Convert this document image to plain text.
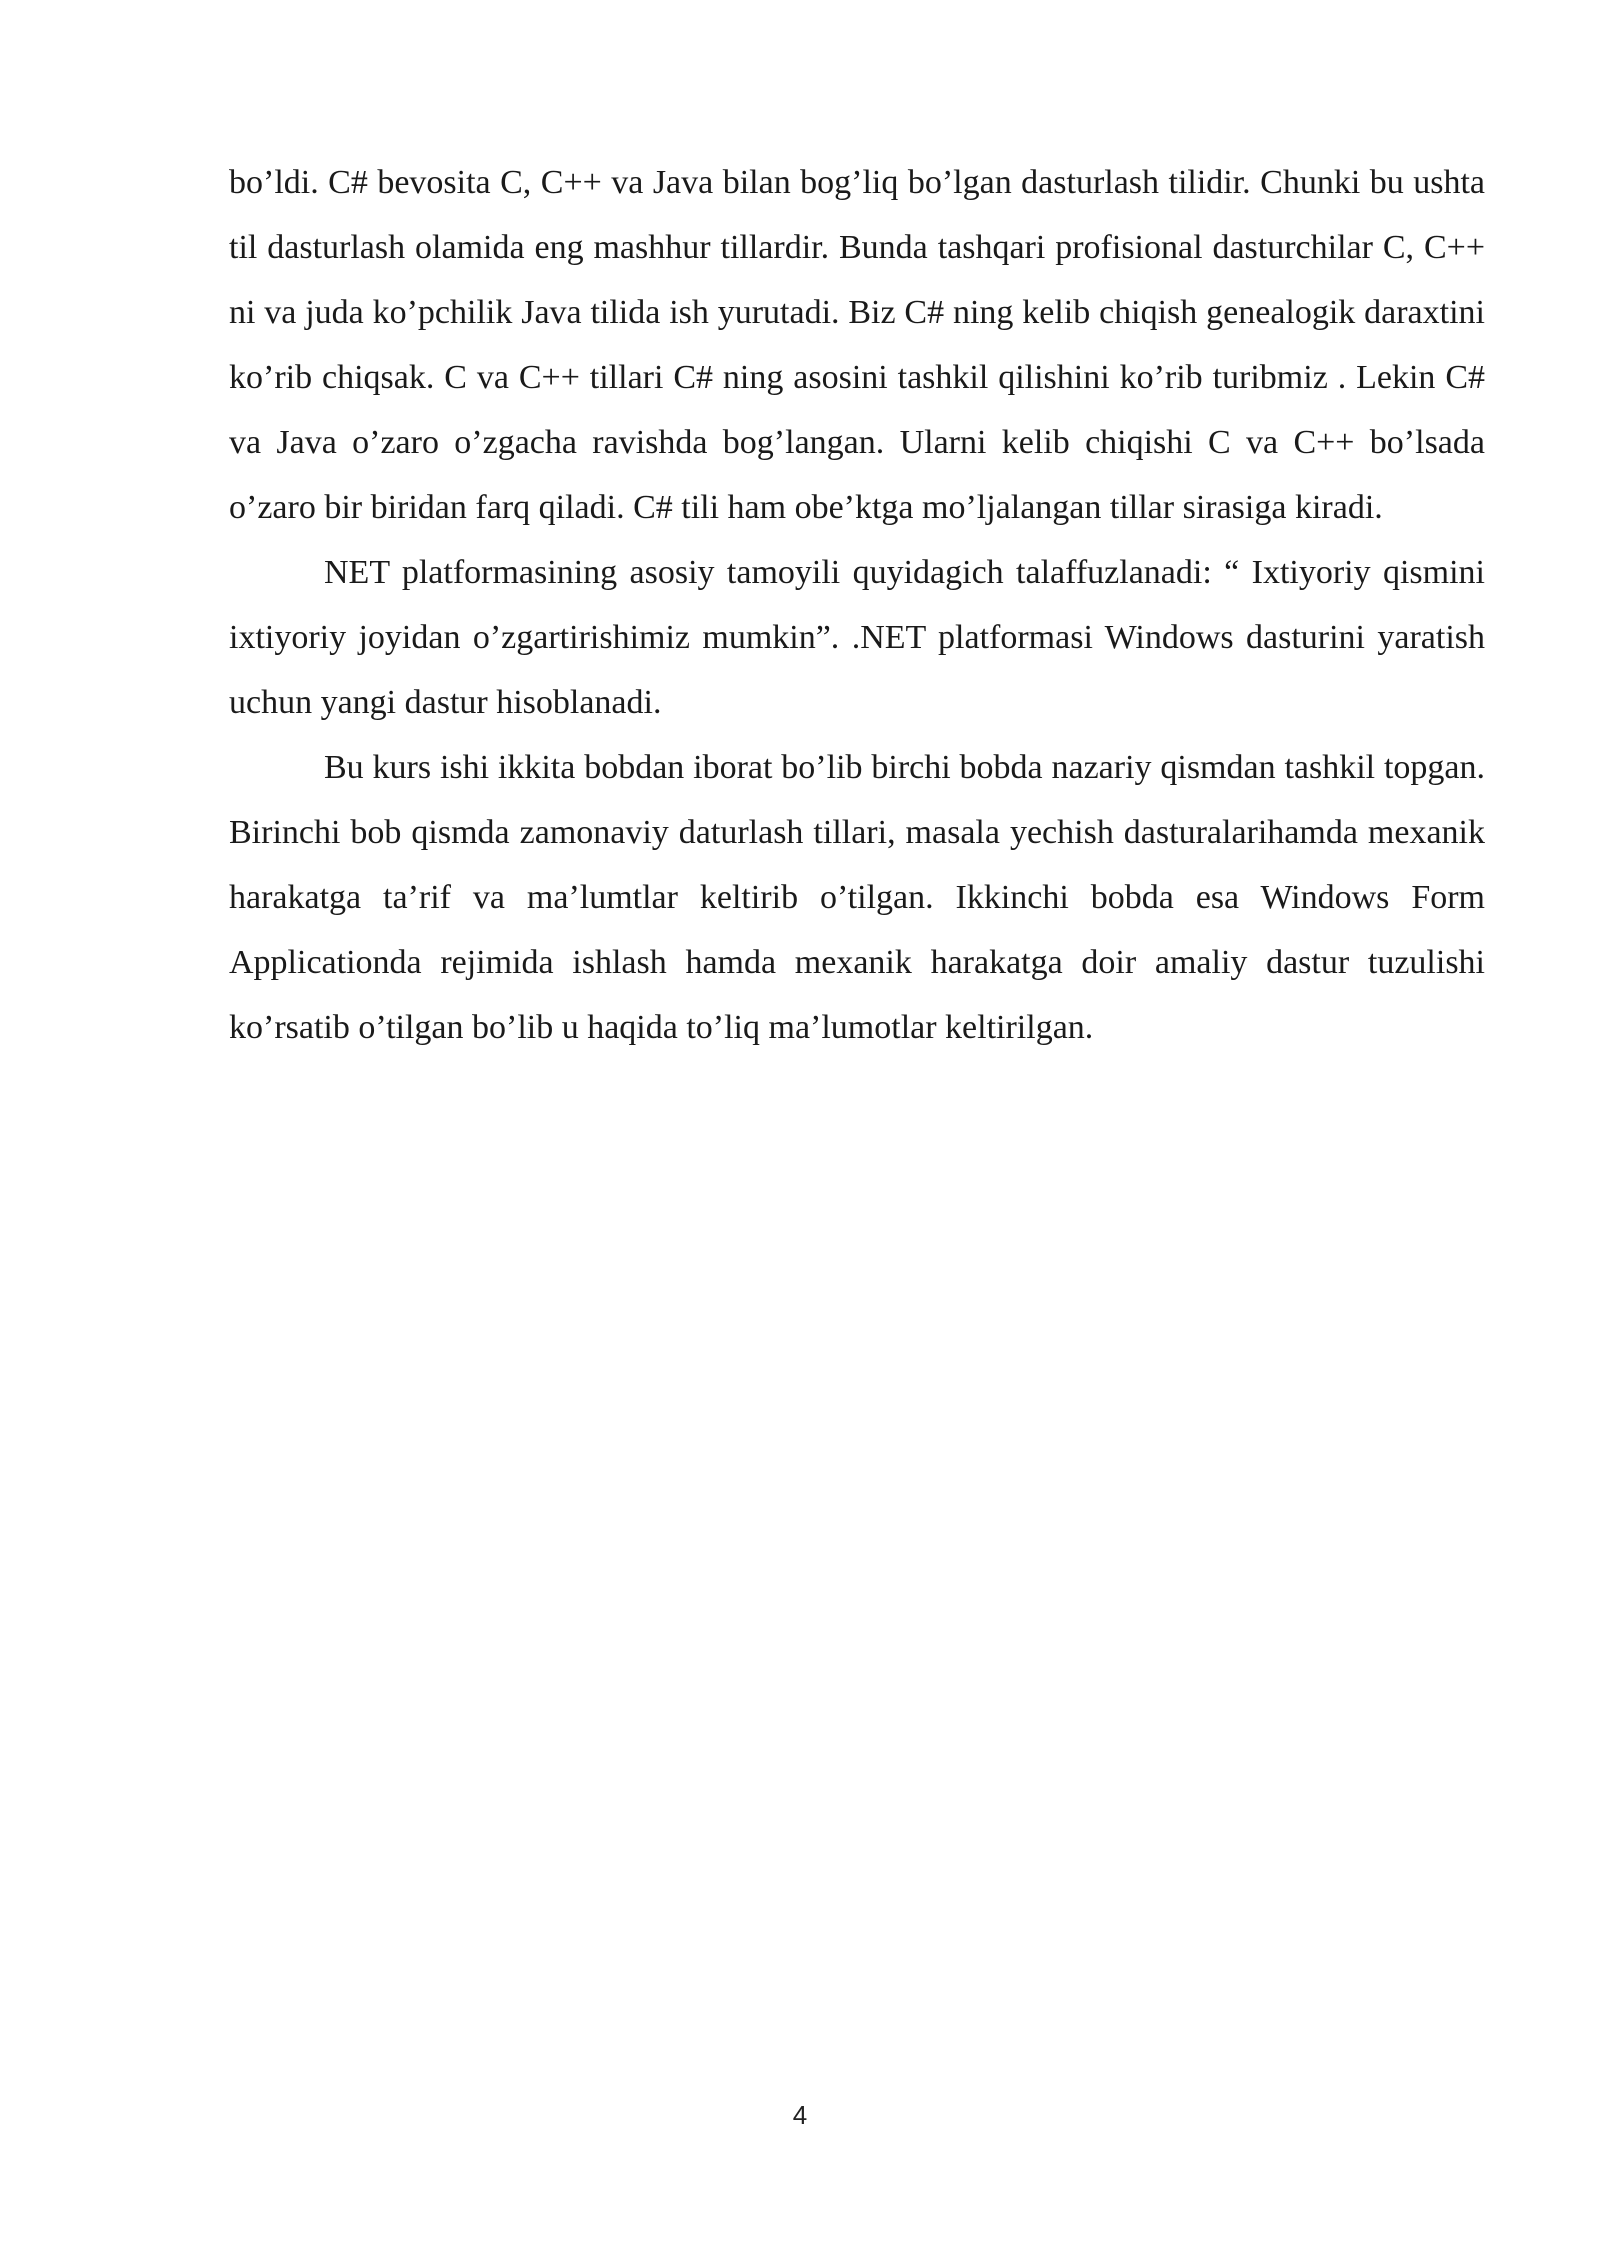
bo’ldi. C# bevosita C, C++ va Java bilan bog’liq bo’lgan dasturlash tilidir. Chunki bu ushta til dasturlash olamida eng mashhur tillardir. Bunda tashqari profisional dasturchilar C, C++ ni va juda ko’pchilik Java tilida ish yurutadi. Biz C# ning kelib chiqish genealogik daraxtini ko’rib chiqsak. C va C++ tillari C# ning asosini tashkil qilishini ko’rib turibmiz . Lekin C# va Java o’zaro o’zgacha ravishda bog’langan. Ularni kelib chiqishi C va C++ bo’lsada o’zaro bir biridan farq qiladi. C# tili ham obe’ktga mo’ljalangan tillar sirasiga kiradi.

NET platformasining asosiy tamoyili quyidagich talaffuzlanadi: “ Ixtiyoriy qismini ixtiyoriy joyidan o’zgartirishimiz mumkin”. .NET platformasi Windows dasturini yaratish uchun yangi dastur hisoblanadi.

Bu kurs ishi ikkita bobdan iborat bo’lib birchi bobda nazariy qismdan tashkil topgan. Birinchi bob qismda zamonaviy daturlash tillari, masala yechish dasturalarihamda mexanik harakatga ta’rif va ma’lumtlar keltirib o’tilgan. Ikkinchi bobda esa Windows Form Applicationda rejimida ishlash hamda mexanik harakatga doir amaliy dastur tuzulishi ko’rsatib o’tilgan bo’lib u haqida to’liq ma’lumotlar keltirilgan.

4
